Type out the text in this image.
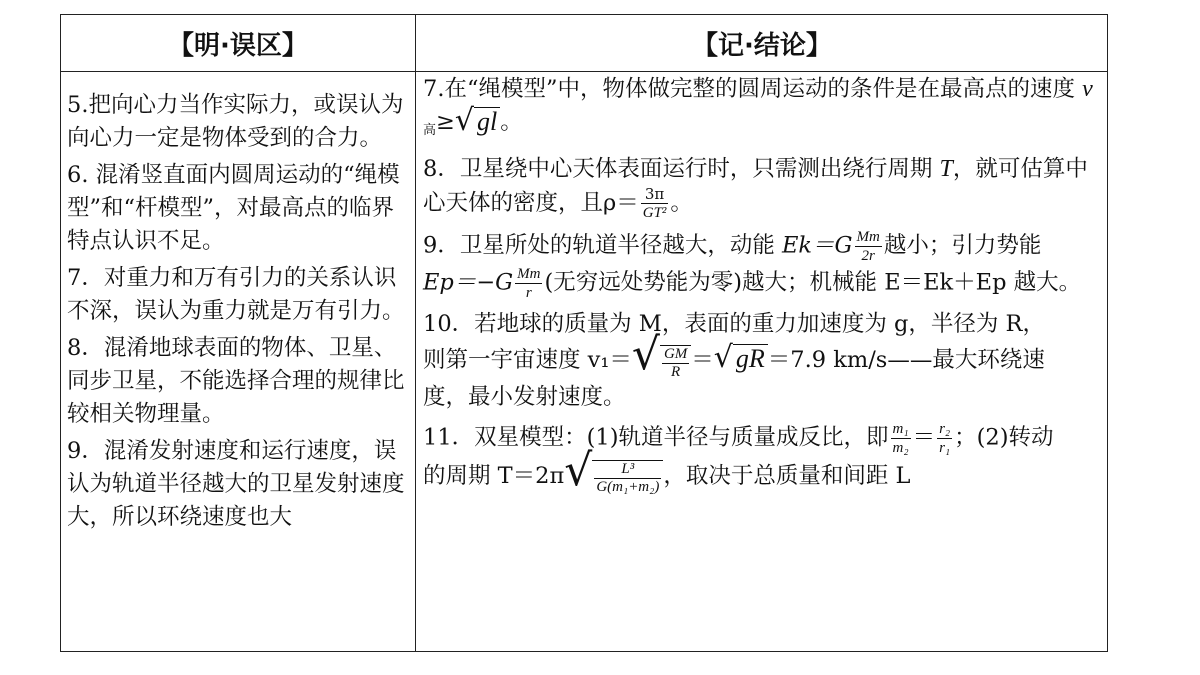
【明·误区】	【记·结论】

5.把向心力当作实际力，或误认为向心力一定是物体受到的合力。

6. 混淆竖直面内圆周运动的“绳模型”和“杆模型”，对最高点的临界特点认识不足。

7．对重力和万有引力的关系认识不深，误认为重力就是万有引力。

8．混淆地球表面的物体、卫星、同步卫星，不能选择合理的规律比较相关物理量。

9．混淆发射速度和运行速度，误认为轨道半径越大的卫星发射速度大，所以环绕速度也大

7.在“绳模型”中，物体做完整的圆周运动的条件是在最高点的速度 $v_高\ge√$ gl 。
8．卫星绕中心天体表面运行时，只需测出绕行周期 T，就可估算中心天体的密度，且$\rho= \frac{3\pi}{\text{GT²}}$ 。
9．卫星所处的轨道半径越大，动能 $Ek=G \frac{Mm}{2r}$ 越小；引力势能
$Ep=-G \frac{Mm}{r}$ (无穷远处势能为零)越大；机械能 E＝Ek＋Ep 越大。
10．若地球的质量为 M，表面的重力加速度为 g，半径为 R，
则第一宇宙速度 $v_1=√ \frac{GM}{R}$ ＝√ gR ＝7.9 km/s——最大环绕速
度，最小发射速度。
11．双星模型：(1)轨道半径与质量成反比，即 $\frac{\text{m₁}}{\text{m₂}} = \frac{\text{r₂}}{\text{r₁}}$ ；(2)转动
的周期 $T=2\pi√ \frac{\text{L³}}{\text{G(m₁+m₂)}}$ ，取决于总质量和间距 L
